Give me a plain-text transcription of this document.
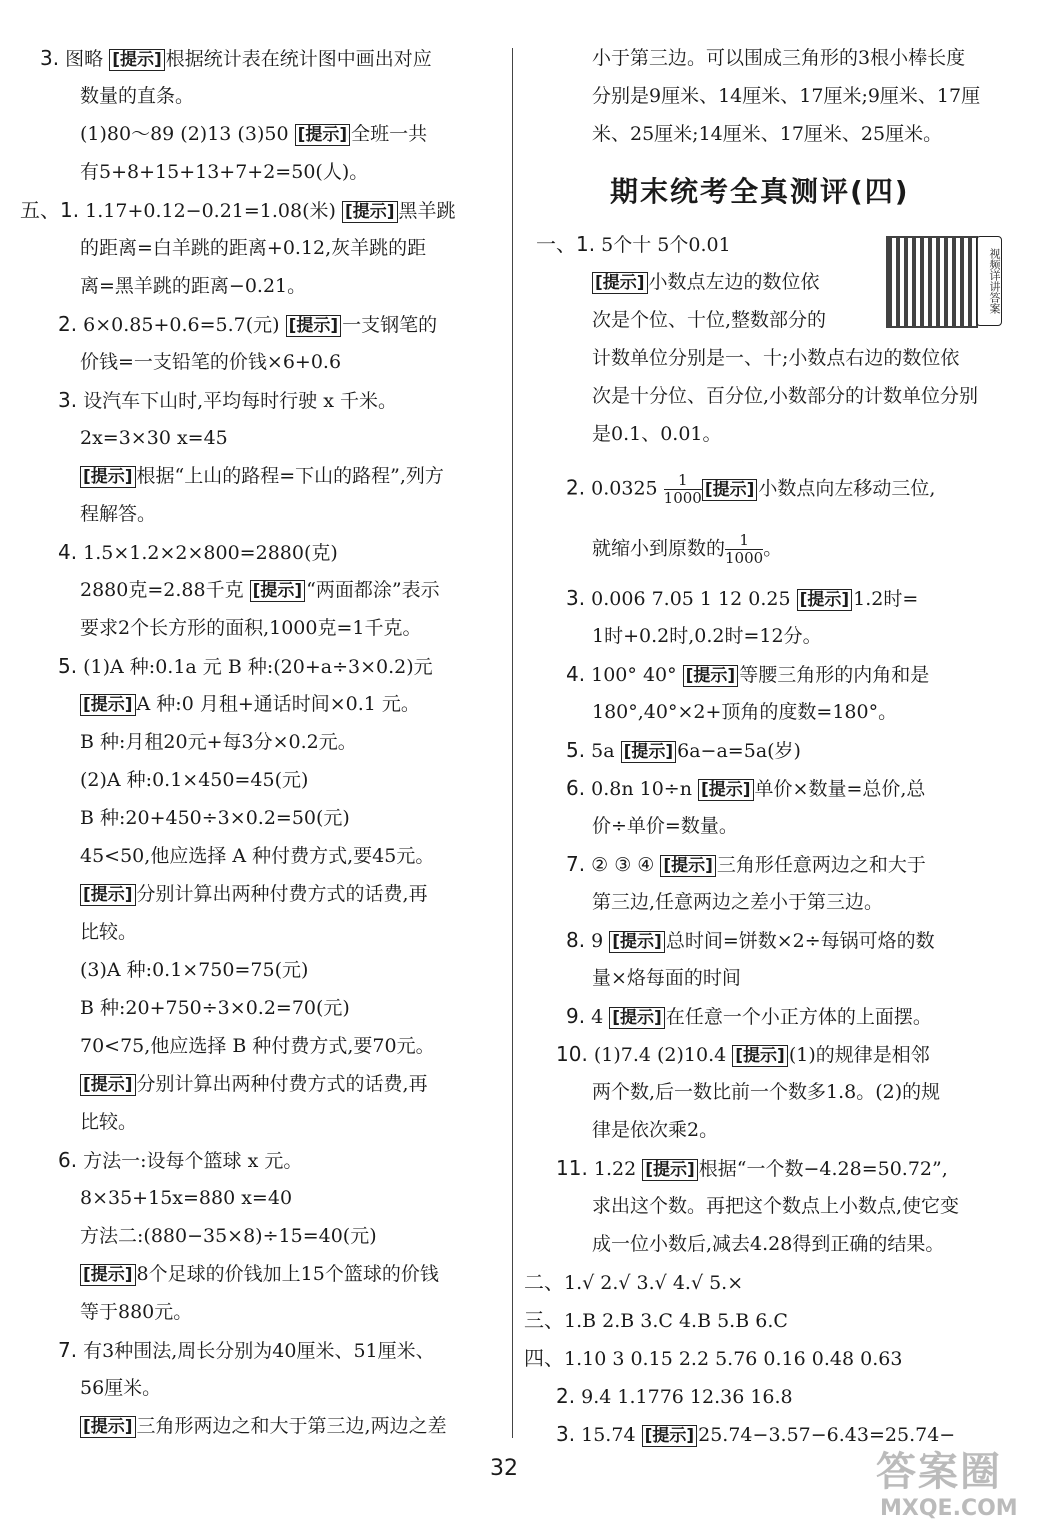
期末统考全真测评(四)
视频详讲答案
32	答案圈
MXQE.COM
3. 图略 [提示] 根据统计表在统计图中画出对应
数量的直条。
(1)80～89 (2)13 (3)50 [提示] 全班一共
有5+8+15+13+7+2=50(人)。
五、1. 1.17+0.12−0.21=1.08(米) [提示] 黑羊跳
的距离=白羊跳的距离+0.12,灰羊跳的距
离=黑羊跳的距离−0.21。
2. 6×0.85+0.6=5.7(元) [提示] 一支钢笔的
价钱=一支铅笔的价钱×6+0.6
3. 设汽车下山时,平均每时行驶 x 千米。
2x=3×30 x=45
[提示] 根据“上山的路程=下山的路程”,列方
程解答。
4. 1.5×1.2×2×800=2880(克)
2880克=2.88千克 [提示] “两面都涂”表示
要求2个长方形的面积,1000克=1千克。
5. (1)A 种:0.1a 元 B 种:(20+a÷3×0.2)元
[提示] A 种:0 月租+通话时间×0.1 元。
B 种:月租20元+每3分×0.2元。
(2)A 种:0.1×450=45(元)
B 种:20+450÷3×0.2=50(元)
45<50,他应选择 A 种付费方式,要45元。
[提示] 分别计算出两种付费方式的话费,再
比较。
(3)A 种:0.1×750=75(元)
B 种:20+750÷3×0.2=70(元)
70<75,他应选择 B 种付费方式,要70元。
[提示] 分别计算出两种付费方式的话费,再
比较。
6. 方法一:设每个篮球 x 元。
8×35+15x=880 x=40
方法二:(880−35×8)÷15=40(元)
[提示] 8个足球的价钱加上15个篮球的价钱
等于880元。
7. 有3种围法,周长分别为40厘米、51厘米、
56厘米。
[提示] 三角形两边之和大于第三边,两边之差
小于第三边。可以围成三角形的3根小棒长度
分别是9厘米、14厘米、17厘米;9厘米、17厘
米、25厘米;14厘米、17厘米、25厘米。
一、1. 5个十 5个0.01
[提示] 小数点左边的数位依
次是个位、十位,整数部分的
计数单位分别是一、十;小数点右边的数位依
次是十分位、百分位,小数部分的计数单位分别
是0.1、0.01。
2. $0.0325 \frac{1}{1000}$ [提示] 小数点向左移动三位,
就缩小到原数的 $\frac{1}{1000}$ 。
3. 0.006 7.05 1 12 0.25 [提示] 1.2时=
1时+0.2时,0.2时=12分。
4. 100° 40° [提示] 等腰三角形的内角和是
180°,40°×2+顶角的度数=180°。
5. 5a [提示] 6a−a=5a(岁)
6. 0.8n 10÷n [提示] 单价×数量=总价,总
价÷单价=数量。
7. ② ③ ④ [提示] 三角形任意两边之和大于
第三边,任意两边之差小于第三边。
8. 9 [提示] 总时间=饼数×2÷每锅可烙的数
量×烙每面的时间
9. 4 [提示] 在任意一个小正方体的上面摆。
10. (1)7.4 (2)10.4 [提示] (1)的规律是相邻
两个数,后一数比前一个数多1.8。(2)的规
律是依次乘2。
11. 1.22 [提示] 根据“一个数−4.28=50.72”,
求出这个数。再把这个数点上小数点,使它变
成一位小数后,减去4.28得到正确的结果。
二、1.√ 2.√ 3.√ 4.√ 5.×
三、1.B 2.B 3.C 4.B 5.B 6.C
四、1.10 3 0.15 2.2 5.76 0.16 0.48 0.63
2. 9.4 1.1776 12.36 16.8
3. 15.74 [提示] 25.74−3.57−6.43=25.74−
